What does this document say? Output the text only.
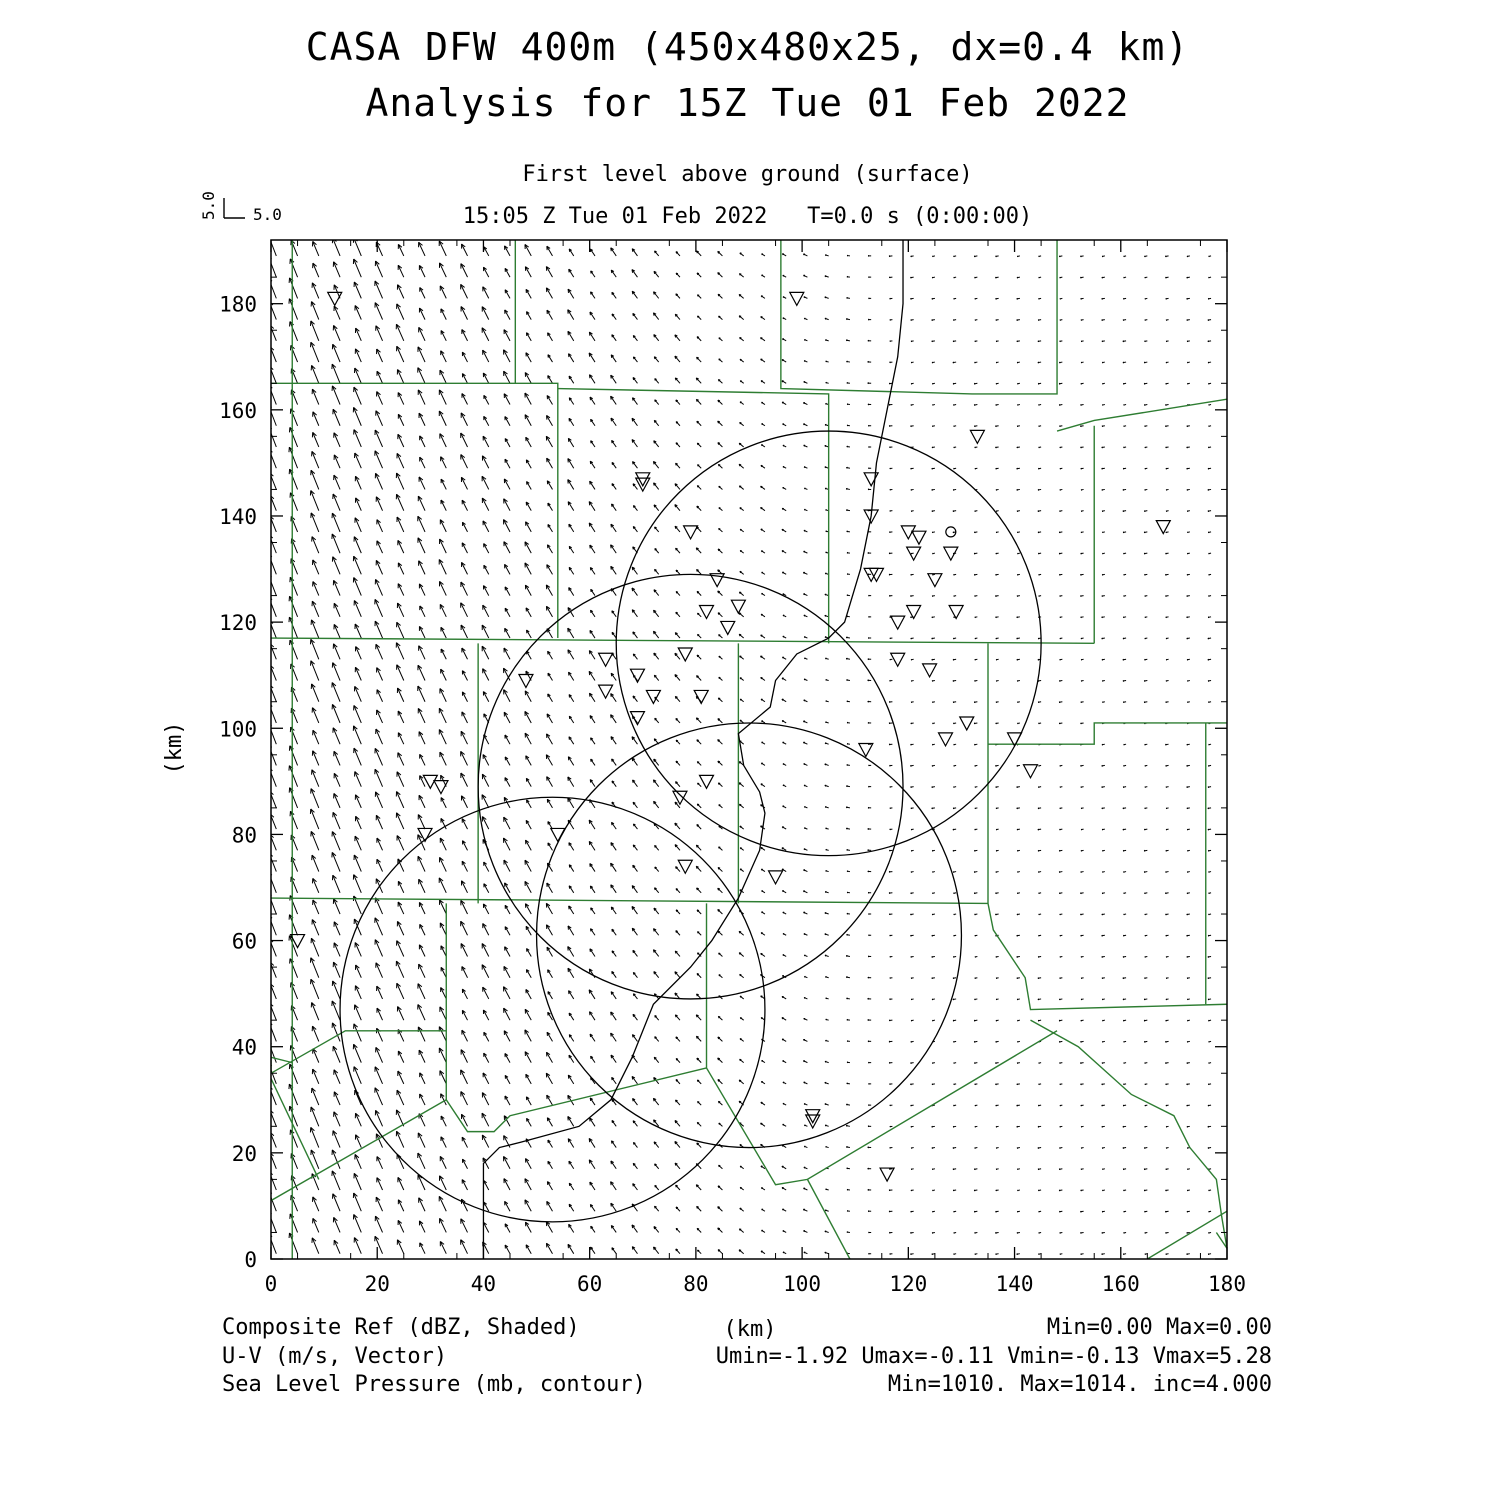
CASA DFW 400m (450x480x25, dx=0.4 km)
Analysis for 15Z Tue 01 Feb 2022
First level above ground (surface)
15:05 Z Tue 01 Feb 2022   T=0.0 s (0:00:00)
0	20	40	60	80	100	120	140	160	180
0
20
40
60
80
100
120
140
160
180
5.0
5.0
(km)
(km)
Composite Ref (dBZ, Shaded)	Min=0.00 Max=0.00
U-V (m/s, Vector)	Umin=-1.92 Umax=-0.11 Vmin=-0.13 Vmax=5.28
Sea Level Pressure (mb, contour)	Min=1010. Max=1014. inc=4.000
